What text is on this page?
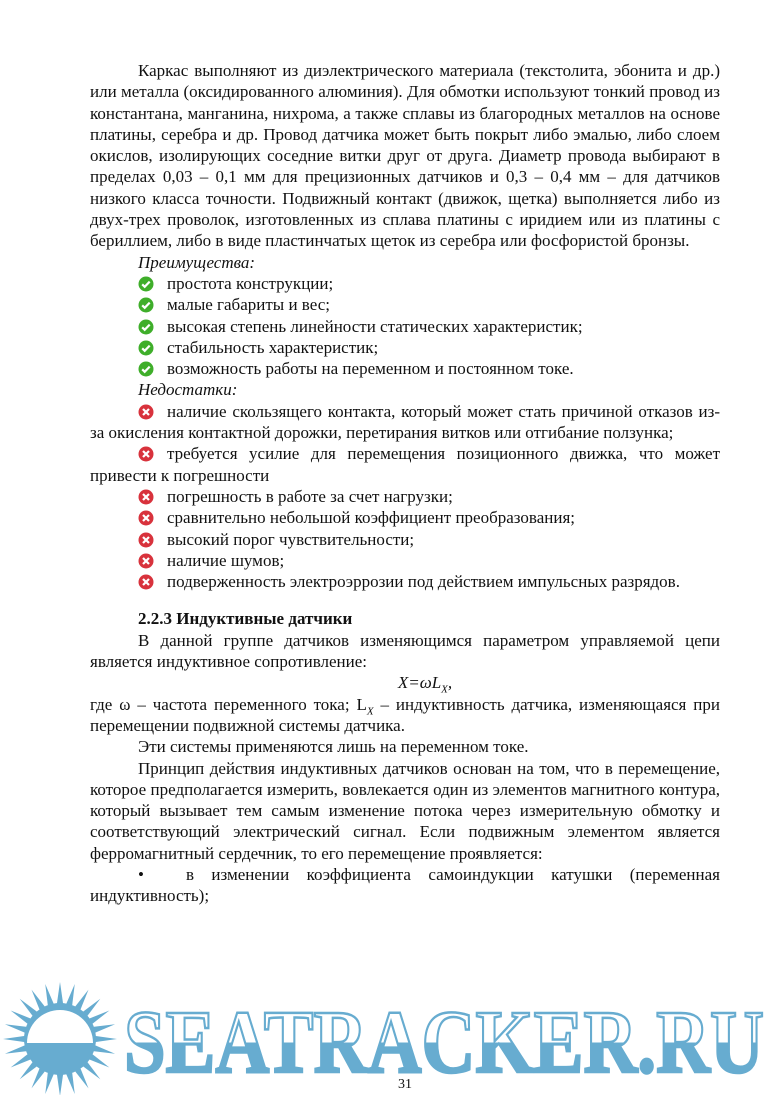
Каркас выполняют из диэлектрического материала (текстолита, эбонита и др.) или металла (оксидированного алюминия). Для обмотки используют тонкий провод из константана, манганина, нихрома, а также сплавы из благородных металлов на основе платины, серебра и др. Провод датчика может быть покрыт либо эмалью, либо слоем окислов, изолирующих соседние витки друг от друга. Диаметр провода выбирают в пределах 0,03 – 0,1 мм для прецизионных датчиков и 0,3 – 0,4 мм – для датчиков низкого класса точности. Подвижный контакт (движок, щетка) выполняется либо из двух-трех проволок, изготовленных из сплава платины с иридием или из платины с бериллием, либо в виде пластинчатых щеток из серебра или фосфористой бронзы.

Преимущества:

простота конструкции;

малые габариты и вес;

высокая степень линейности статических характеристик;

стабильность характеристик;

возможность работы на переменном и постоянном токе.

Недостатки:

наличие скользящего контакта, который может стать причиной отказов из-за окисления контактной дорожки, перетирания витков или отгибание ползунка;

требуется усилие для перемещения позиционного движка, что может привести к погрешности

погрешность в работе за счет нагрузки;

сравнительно небольшой коэффициент преобразования;

высокий порог чувствительности;

наличие шумов;

подверженность электроэррозии под действием импульсных разрядов.

2.2.3 Индуктивные датчики

В данной группе датчиков изменяющимся параметром управляемой цепи является индуктивное сопротивление:

$X=\omega L_X$,

где ω – частота переменного тока; $L_X$ – индуктивность датчика, изменяющаяся при перемещении подвижной системы датчика.

Эти системы применяются лишь на переменном токе.

Принцип действия индуктивных датчиков основан на том, что в перемещение, которое предполагается измерить, вовлекается один из элементов магнитного контура, который вызывает тем самым изменение потока через измерительную обмотку и соответствующий электрический сигнал. Если подвижным элементом является ферромагнитный сердечник, то его перемещение проявляется:

• в изменении коэффициента самоиндукции катушки (переменная индуктивность);

SEATRACKER.RU
31
